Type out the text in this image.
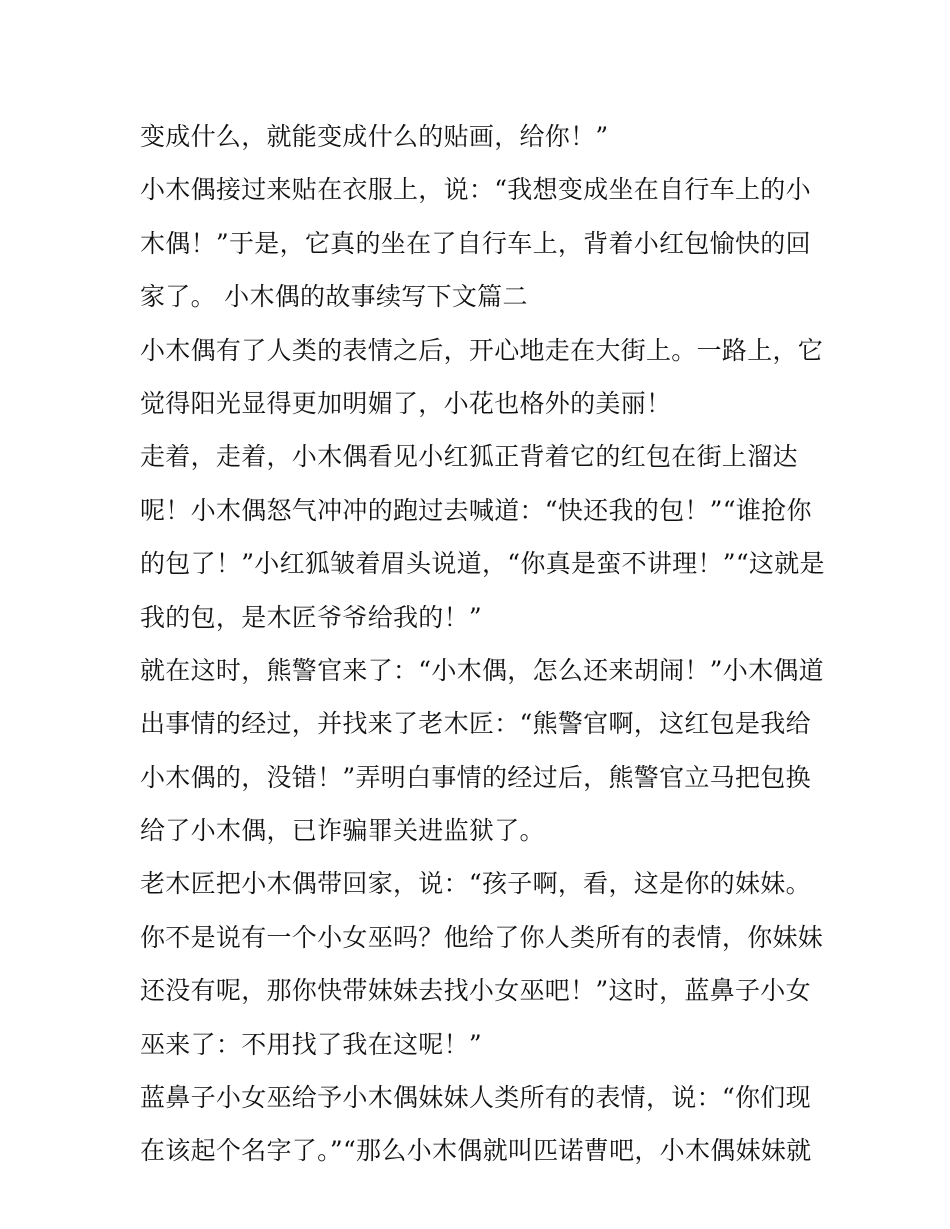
变成什么，就能变成什么的贴画，给你！”
小木偶接过来贴在衣服上，说：“我想变成坐在自行车上的小
木偶！”于是，它真的坐在了自行车上，背着小红包愉快的回
家了。 小木偶的故事续写下文篇二
小木偶有了人类的表情之后，开心地走在大街上。一路上，它
觉得阳光显得更加明媚了，小花也格外的美丽！
走着，走着，小木偶看见小红狐正背着它的红包在街上溜达
呢！小木偶怒气冲冲的跑过去喊道：“快还我的包！”“谁抢你
的包了！”小红狐皱着眉头说道，“你真是蛮不讲理！”“这就是
我的包，是木匠爷爷给我的！”
就在这时，熊警官来了：“小木偶，怎么还来胡闹！”小木偶道
出事情的经过，并找来了老木匠：“熊警官啊，这红包是我给
小木偶的，没错！”弄明白事情的经过后，熊警官立马把包换
给了小木偶，已诈骗罪关进监狱了。
老木匠把小木偶带回家，说：“孩子啊，看，这是你的妹妹。
你不是说有一个小女巫吗？他给了你人类所有的表情，你妹妹
还没有呢，那你快带妹妹去找小女巫吧！”这时，蓝鼻子小女
巫来了：不用找了我在这呢！”
蓝鼻子小女巫给予小木偶妹妹人类所有的表情，说：“你们现
在该起个名字了。”“那么小木偶就叫匹诺曹吧，小木偶妹妹就
